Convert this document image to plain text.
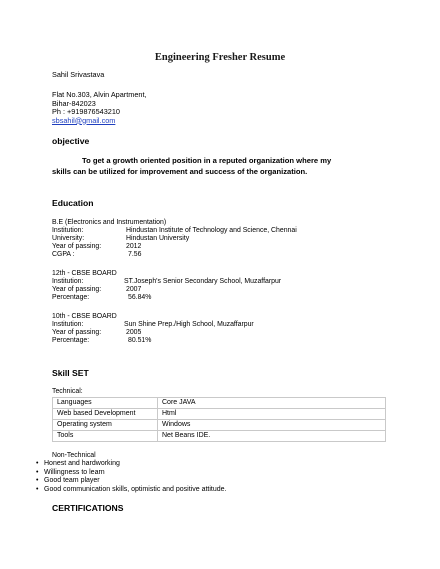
Engineering Fresher Resume
Sahil Srivastava
Flat No.303, Alvin Apartment,
Bihar-842023
Ph : +919876543210
sbsahil@gmail.com
objective
To get a growth oriented position in a reputed organization where my
skills can be utilized for improvement and success of the organization.
Education
B.E (Electronics and Instrumentation)
Institution:	Hindustan Institute of Technology and Science, Chennai
University:	Hindustan University
Year of passing:	2012
CGPA :	7.56
12th - CBSE BOARD
Institution:	ST.Joseph's Senior Secondary School, Muzaffarpur
Year of passing:	2007
Percentage:	56.84%
10th - CBSE BOARD
Institution:	Sun Shine Prep./High School, Muzaffarpur
Year of passing:	2005
Percentage:	80.51%
Skill SET
Technical:
Languages	Core JAVA
Web based Development	Html
Operating system	Windows
Tools	Net Beans IDE.
Non-Technical
• Honest and hardworking
• Willingness to learn
• Good team player
• Good communication skills, optimistic and positive attitude.
CERTIFICATIONS
